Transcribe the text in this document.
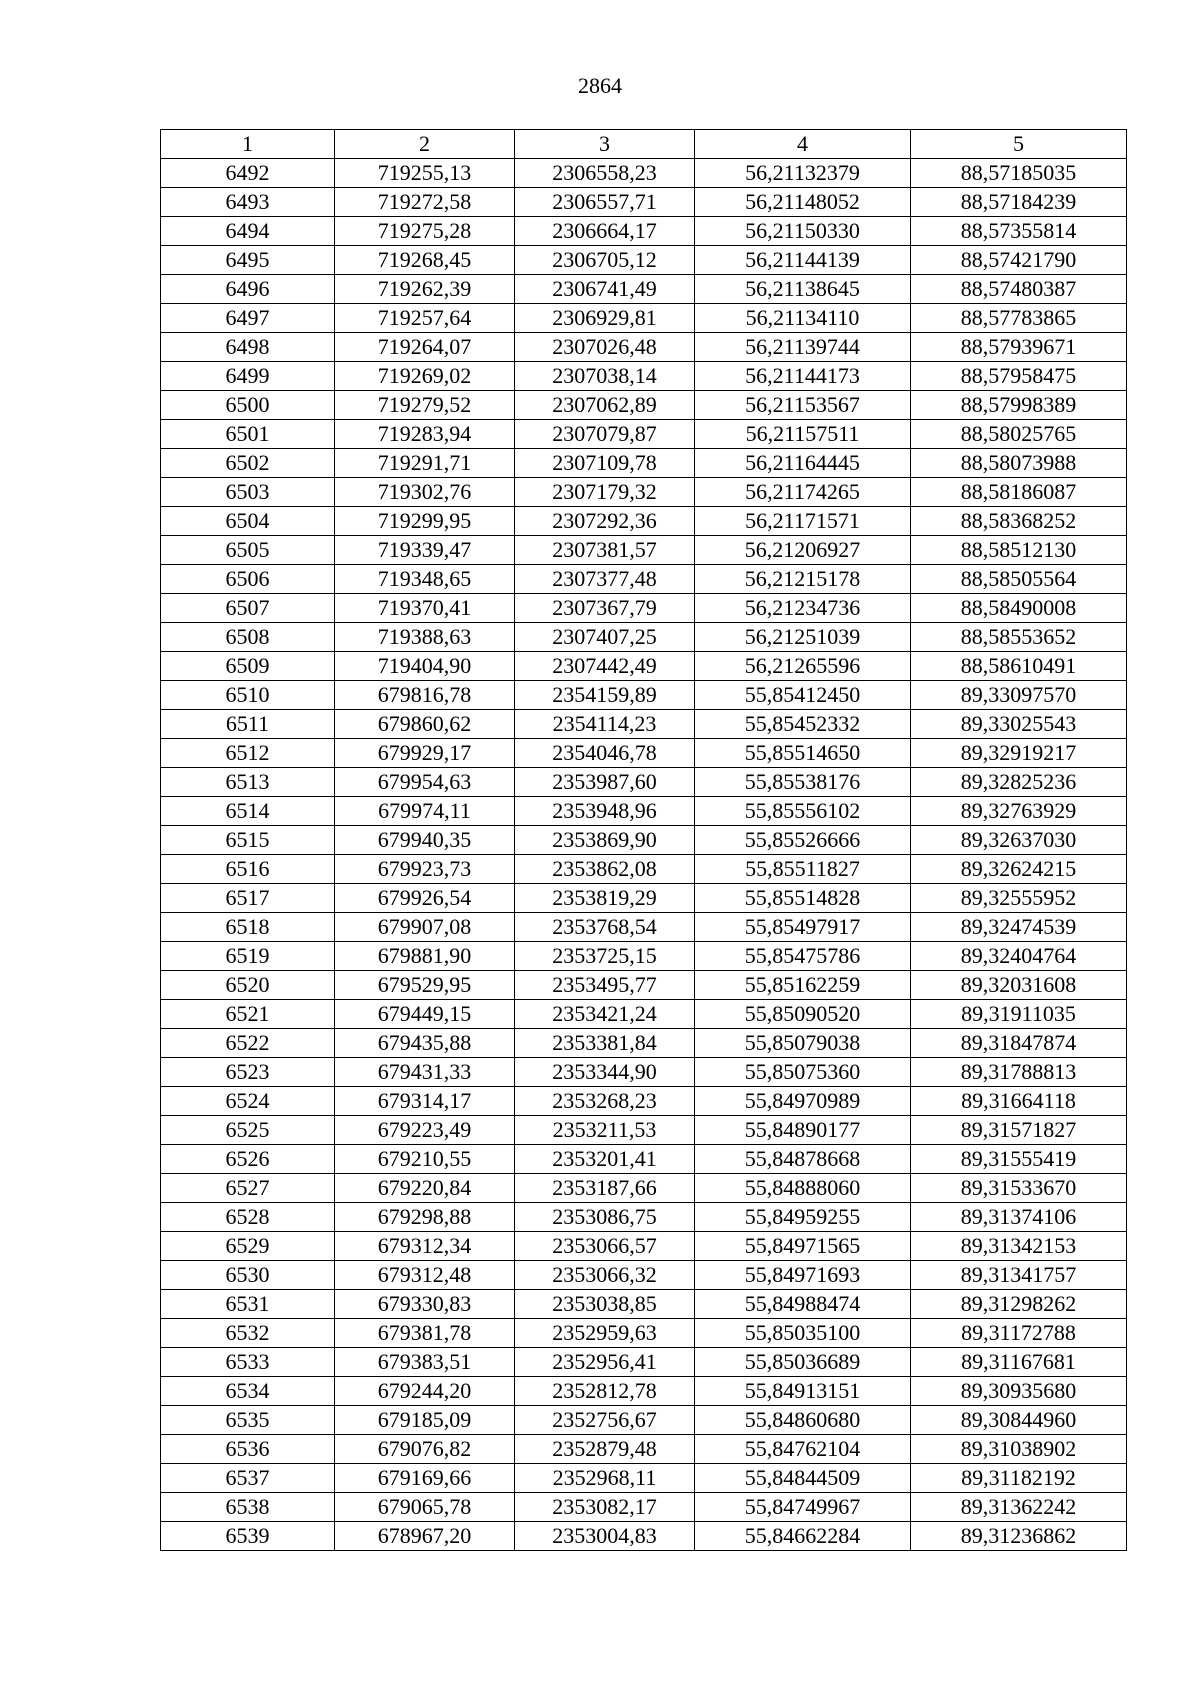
2864
1	2	3	4	5
6492	719255,13	2306558,23	56,21132379	88,57185035
6493	719272,58	2306557,71	56,21148052	88,57184239
6494	719275,28	2306664,17	56,21150330	88,57355814
6495	719268,45	2306705,12	56,21144139	88,57421790
6496	719262,39	2306741,49	56,21138645	88,57480387
6497	719257,64	2306929,81	56,21134110	88,57783865
6498	719264,07	2307026,48	56,21139744	88,57939671
6499	719269,02	2307038,14	56,21144173	88,57958475
6500	719279,52	2307062,89	56,21153567	88,57998389
6501	719283,94	2307079,87	56,21157511	88,58025765
6502	719291,71	2307109,78	56,21164445	88,58073988
6503	719302,76	2307179,32	56,21174265	88,58186087
6504	719299,95	2307292,36	56,21171571	88,58368252
6505	719339,47	2307381,57	56,21206927	88,58512130
6506	719348,65	2307377,48	56,21215178	88,58505564
6507	719370,41	2307367,79	56,21234736	88,58490008
6508	719388,63	2307407,25	56,21251039	88,58553652
6509	719404,90	2307442,49	56,21265596	88,58610491
6510	679816,78	2354159,89	55,85412450	89,33097570
6511	679860,62	2354114,23	55,85452332	89,33025543
6512	679929,17	2354046,78	55,85514650	89,32919217
6513	679954,63	2353987,60	55,85538176	89,32825236
6514	679974,11	2353948,96	55,85556102	89,32763929
6515	679940,35	2353869,90	55,85526666	89,32637030
6516	679923,73	2353862,08	55,85511827	89,32624215
6517	679926,54	2353819,29	55,85514828	89,32555952
6518	679907,08	2353768,54	55,85497917	89,32474539
6519	679881,90	2353725,15	55,85475786	89,32404764
6520	679529,95	2353495,77	55,85162259	89,32031608
6521	679449,15	2353421,24	55,85090520	89,31911035
6522	679435,88	2353381,84	55,85079038	89,31847874
6523	679431,33	2353344,90	55,85075360	89,31788813
6524	679314,17	2353268,23	55,84970989	89,31664118
6525	679223,49	2353211,53	55,84890177	89,31571827
6526	679210,55	2353201,41	55,84878668	89,31555419
6527	679220,84	2353187,66	55,84888060	89,31533670
6528	679298,88	2353086,75	55,84959255	89,31374106
6529	679312,34	2353066,57	55,84971565	89,31342153
6530	679312,48	2353066,32	55,84971693	89,31341757
6531	679330,83	2353038,85	55,84988474	89,31298262
6532	679381,78	2352959,63	55,85035100	89,31172788
6533	679383,51	2352956,41	55,85036689	89,31167681
6534	679244,20	2352812,78	55,84913151	89,30935680
6535	679185,09	2352756,67	55,84860680	89,30844960
6536	679076,82	2352879,48	55,84762104	89,31038902
6537	679169,66	2352968,11	55,84844509	89,31182192
6538	679065,78	2353082,17	55,84749967	89,31362242
6539	678967,20	2353004,83	55,84662284	89,31236862
